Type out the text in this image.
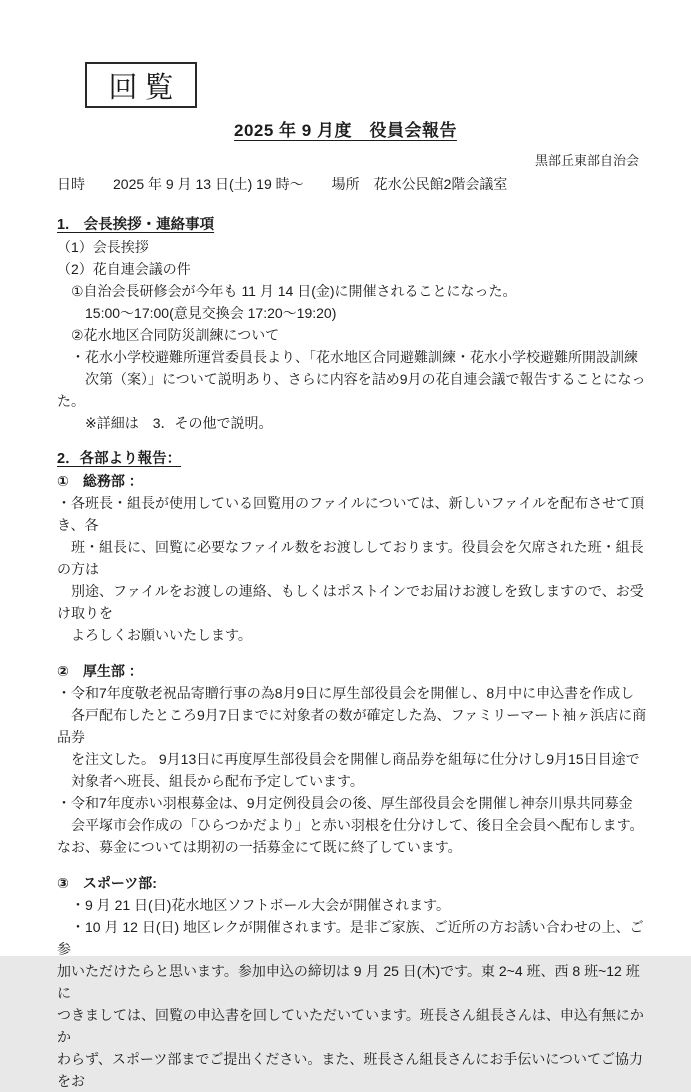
回覧
2025 年 9 月度　役員会報告
黒部丘東部自治会
日時　　2025 年 9 月 13 日(土) 19 時～　　場所　花水公民館2階会議室
1.　会長挨拶・連絡事項
（1）会長挨拶
（2）花自連会議の件
　①自治会長研修会が今年も 11 月 14 日(金)に開催されることになった。
　　15:00～17:00(意見交換会 17:20～19:20)
　②花水地区合同防災訓練について
　・花水小学校避難所運営委員長より、「花水地区合同避難訓練・花水小学校避難所開設訓練
　　次第（案）」について説明あり、さらに内容を詰め9月の花自連会議で報告することになった。
　　※詳細は　3．その他で説明。
2．各部より報告：
①　総務部 ：
・各班長・組長が使用している回覧用のファイルについては、新しいファイルを配布させて頂き、各
　班・組長に、回覧に必要なファイル数をお渡ししております。役員会を欠席された班・組長の方は
　別途、ファイルをお渡しの連絡、もしくはポストインでお届けお渡しを致しますので、お受け取りを
　よろしくお願いいたします。
②　厚生部 ：
・令和7年度敬老祝品寄贈行事の為8月9日に厚生部役員会を開催し、8月中に申込書を作成し
　各戸配布したところ9月7日までに対象者の数が確定した為、ファミリーマート袖ヶ浜店に商品券
　を注文した。 9月13日に再度厚生部役員会を開催し商品券を組毎に仕分けし9月15日目途で
　対象者へ班長、組長から配布予定しています。
・令和7年度赤い羽根募金は、9月定例役員会の後、厚生部役員会を開催し神奈川県共同募金
　会平塚市会作成の「ひらつかだより」と赤い羽根を仕分けして、後日全会員へ配布します。
なお、募金については期初の一括募金にて既に終了しています。
③　スポーツ部:
　・9 月 21 日(日)花水地区ソフトボール大会が開催されます。
　・10 月 12 日(日) 地区レクが開催されます。是非ご家族、ご近所の方お誘い合わせの上、ご参
加いただけたらと思います。参加申込の締切は 9 月 25 日(木)です。東 2~4 班、西 8 班~12 班に
つきましては、回覧の申込書を回していただいています。班長さん組長さんは、申込有無にかか
わらず、スポーツ部までご提出ください。また、班長さん組長さんにお手伝いについてご協力をお
